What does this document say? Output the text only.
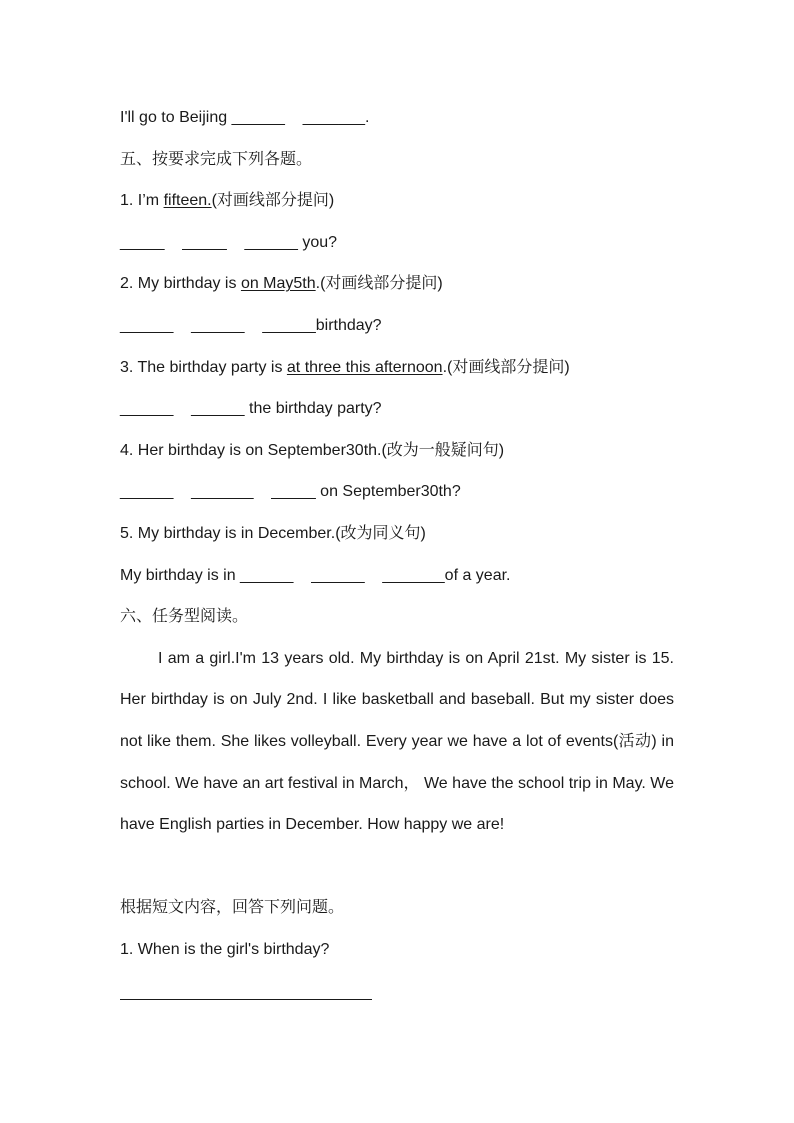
I'll go to Beijing ______    _______.
五、按要求完成下列各题。
1. I’m fifteen.(对画线部分提问)
_____    _____    ______ you?
2. My birthday is on May5th.(对画线部分提问)
______    ______    ______birthday?
3. The birthday party is at three this afternoon.(对画线部分提问)
______    ______ the birthday party?
4. Her birthday is on September30th.(改为一般疑问句)
______    _______    _____ on September30th?
5. My birthday is in December.(改为同义句)
My birthday is in ______    ______    _______of a year.
六、任务型阅读。
I am a girl.I'm 13 years old. My birthday is on April 21st. My sister is 15. Her birthday is on July 2nd. I like basketball and baseball. But my sister does not like them. She likes volleyball. Every year we have a lot of events(活动) in school. We have an art festival in March， We have the school trip in May. We have English parties in December. How happy we are!
根据短文内容，回答下列问题。
1. When is the girl's birthday?
